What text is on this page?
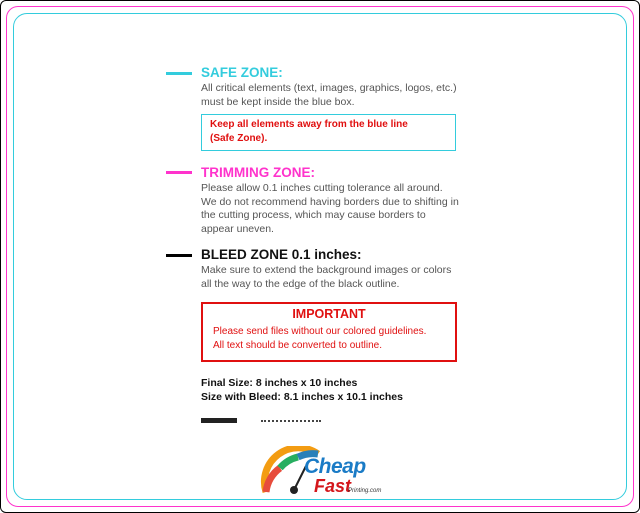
SAFE ZONE:

All critical elements (text, images, graphics, logos, etc.)

must be kept inside the blue box.

Keep all elements away from the blue line

(Safe Zone).

TRIMMING ZONE:

Please allow 0.1 inches cutting tolerance all around.

We do not recommend having borders due to shifting in

the cutting process, which may cause borders to

appear uneven.

BLEED ZONE 0.1 inches:

Make sure to extend the background images or colors

all the way to the edge of the black outline.

IMPORTANT

Please send files without our colored guidelines.

All text should be converted to outline.

Final Size: 8 inches x 10 inches

Size with Bleed: 8.1 inches x 10.1 inches

Cheap

Fast

Printing.com
